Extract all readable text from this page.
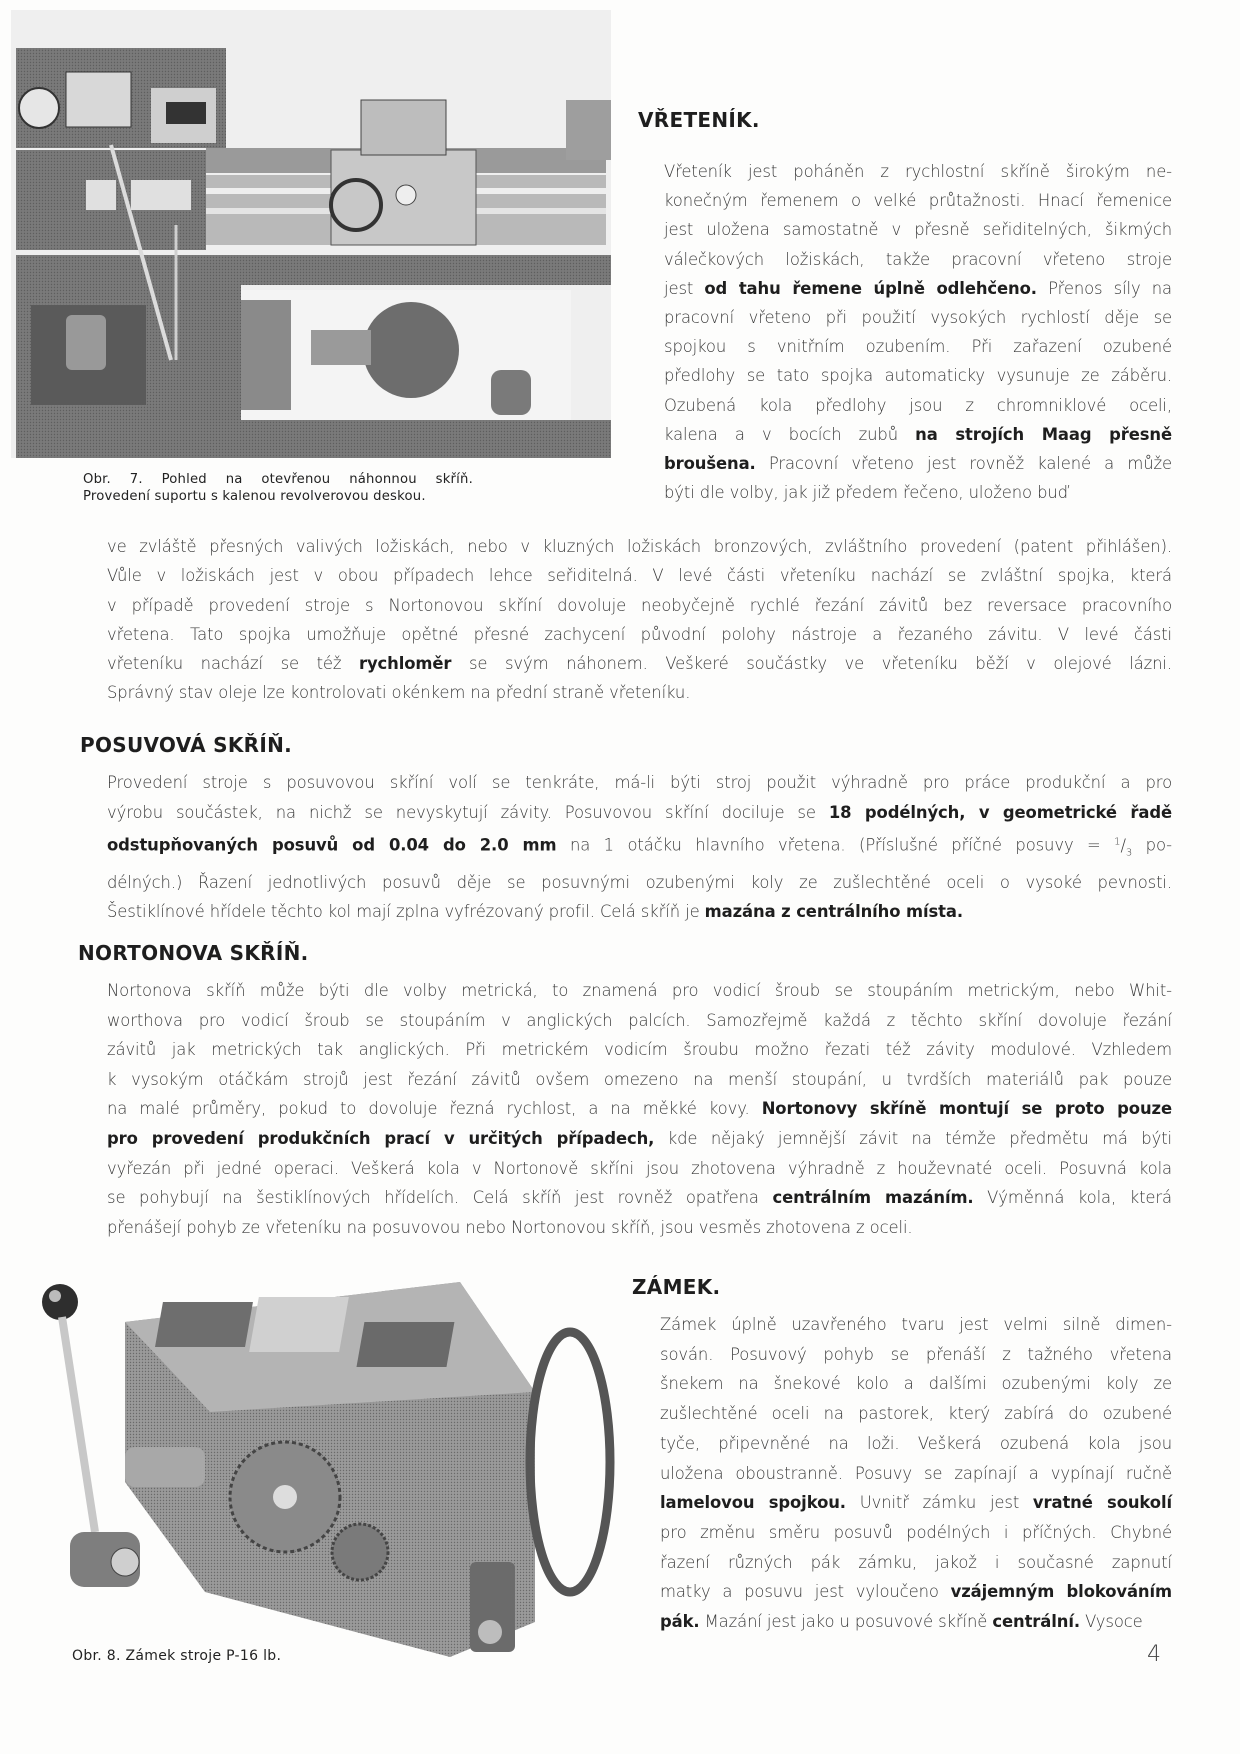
Obr. 7. Pohled na otevřenou náhonnou skříň.
Provedení suportu s kalenou revolverovou deskou.
VŘETENÍK.
Vřeteník jest poháněn z rychlostní skříně širokým ne-
konečným řemenem o velké průtažnosti. Hnací řemenice
jest uložena samostatně v přesně seřiditelných, šikmých
válečkových ložiskách, takže pracovní vřeteno stroje
jest od tahu řemene úplně odlehčeno. Přenos síly na
pracovní vřeteno při použití vysokých rychlostí děje se
spojkou s vnitřním ozubením. Při zařazení ozubené
předlohy se tato spojka automaticky vysunuje ze záběru.
Ozubená kola předlohy jsou z chromniklové oceli,
kalena a v bocích zubů na strojích Maag přesně
broušena. Pracovní vřeteno jest rovněž kalené a může
býti dle volby, jak již předem řečeno, uloženo buď
ve zvláště přesných valivých ložiskách, nebo v kluzných ložiskách bronzových, zvláštního provedení (patent přihlášen).
Vůle v ložiskách jest v obou případech lehce seřiditelná. V levé části vřeteníku nachází se zvláštní spojka, která
v případě provedení stroje s Nortonovou skříní dovoluje neobyčejně rychlé řezání závitů bez reversace pracovního
vřetena. Tato spojka umožňuje opětné přesné zachycení původní polohy nástroje a řezaného závitu. V levé části
vřeteníku nachází se též rychloměr se svým náhonem. Veškeré součástky ve vřeteníku běží v olejové lázni.
Správný stav oleje lze kontrolovati okénkem na přední straně vřeteníku.
POSUVOVÁ SKŘÍŇ.
Provedení stroje s posuvovou skříní volí se tenkráte, má-li býti stroj použit výhradně pro práce produkční a pro
výrobu součástek, na nichž se nevyskytují závity. Posuvovou skříní dociluje se 18 podélných, v geometrické řadě
odstupňovaných posuvů od 0.04 do 2.0 mm na 1 otáčku hlavního vřetena. (Příslušné příčné posuvy = $^1/_3$ po-
délných.) Řazení jednotlivých posuvů děje se posuvnými ozubenými koly ze zušlechtěné oceli o vysoké pevnosti.
Šestiklínové hřídele těchto kol mají zplna vyfrézovaný profil. Celá skříň je mazána z centrálního místa.
NORTONOVA SKŘÍŇ.
Nortonova skříň může býti dle volby metrická, to znamená pro vodicí šroub se stoupáním metrickým, nebo Whit-
worthova pro vodicí šroub se stoupáním v anglických palcích. Samozřejmě každá z těchto skříní dovoluje řezání
závitů jak metrických tak anglických. Při metrickém vodicím šroubu možno řezati též závity modulové. Vzhledem
k vysokým otáčkám strojů jest řezání závitů ovšem omezeno na menší stoupání, u tvrdších materiálů pak pouze
na malé průměry, pokud to dovoluje řezná rychlost, a na měkké kovy. Nortonovy skříně montují se proto pouze
pro provedení produkčních prací v určitých případech, kde nějaký jemnější závit na témže předmětu má býti
vyřezán při jedné operaci. Veškerá kola v Nortonově skříni jsou zhotovena výhradně z houževnaté oceli. Posuvná kola
se pohybují na šestiklínových hřídelích. Celá skříň jest rovněž opatřena centrálním mazáním. Výměnná kola, která
přenášejí pohyb ze vřeteníku na posuvovou nebo Nortonovou skříň, jsou vesměs zhotovena z oceli.
ZÁMEK.
Zámek úplně uzavřeného tvaru jest velmi silně dimen-
sován. Posuvový pohyb se přenáší z tažného vřetena
šnekem na šnekové kolo a dalšími ozubenými koly ze
zušlechtěné oceli na pastorek, který zabírá do ozubené
tyče, připevněné na loži. Veškerá ozubená kola jsou
uložena oboustranně. Posuvy se zapínají a vypínají ručně
lamelovou spojkou. Uvnitř zámku jest vratné soukolí
pro změnu směru posuvů podélných i příčných. Chybné
řazení různých pák zámku, jakož i současné zapnutí
matky a posuvu jest vyloučeno vzájemným blokováním
pák. Mazání jest jako u posuvové skříně centrální. Vysoce
Obr. 8. Zámek stroje P-16 lb.	4
